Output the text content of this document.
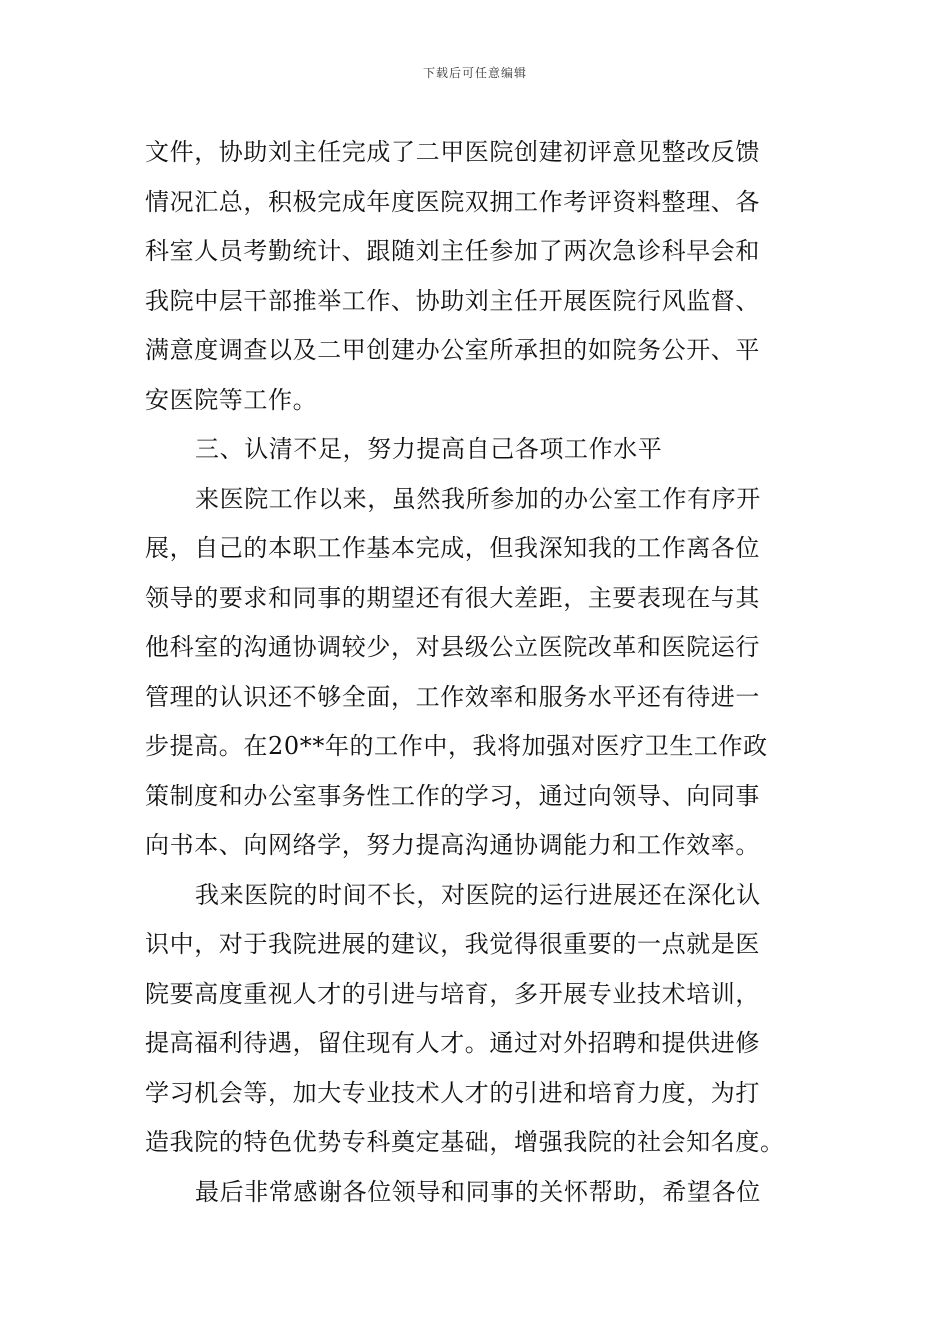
下载后可任意编辑
文件，协助刘主任完成了二甲医院创建初评意见整改反馈
情况汇总，积极完成年度医院双拥工作考评资料整理、各
科室人员考勤统计、跟随刘主任参加了两次急诊科早会和
我院中层干部推举工作、协助刘主任开展医院行风监督、
满意度调查以及二甲创建办公室所承担的如院务公开、平
安医院等工作。
三、认清不足，努力提高自己各项工作水平
来医院工作以来，虽然我所参加的办公室工作有序开
展，自己的本职工作基本完成，但我深知我的工作离各位
领导的要求和同事的期望还有很大差距，主要表现在与其
他科室的沟通协调较少，对县级公立医院改革和医院运行
管理的认识还不够全面，工作效率和服务水平还有待进一
步提高。在20**年的工作中，我将加强对医疗卫生工作政
策制度和办公室事务性工作的学习，通过向领导、向同事
向书本、向网络学，努力提高沟通协调能力和工作效率。
我来医院的时间不长，对医院的运行进展还在深化认
识中，对于我院进展的建议，我觉得很重要的一点就是医
院要高度重视人才的引进与培育，多开展专业技术培训，
提高福利待遇，留住现有人才。通过对外招聘和提供进修
学习机会等，加大专业技术人才的引进和培育力度，为打
造我院的特色优势专科奠定基础，增强我院的社会知名度。
最后非常感谢各位领导和同事的关怀帮助，希望各位
